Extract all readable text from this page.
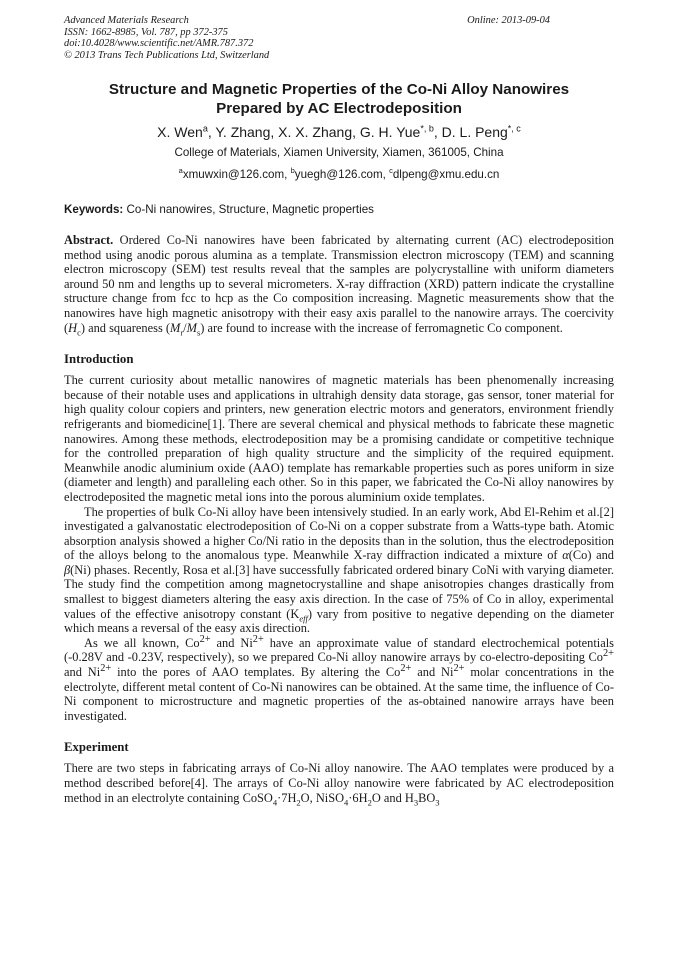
Advanced Materials Research
ISSN: 1662-8985, Vol. 787, pp 372-375
doi:10.4028/www.scientific.net/AMR.787.372
© 2013 Trans Tech Publications Ltd, Switzerland
Online: 2013-09-04
Structure and Magnetic Properties of the Co-Ni Alloy Nanowires Prepared by AC Electrodeposition
X. Wen$^a$, Y. Zhang, X. X. Zhang, G. H. Yue$^{*, b}$, D. L. Peng$^{*, c}$
College of Materials, Xiamen University, Xiamen, 361005, China
$^a$xmuwxin@126.com, $^b$yuegh@126.com, $^c$dlpeng@xmu.edu.cn
Keywords: Co-Ni nanowires, Structure, Magnetic properties

Abstract. Ordered Co-Ni nanowires have been fabricated by alternating current (AC) electrodeposition method using anodic porous alumina as a template. Transmission electron microscopy (TEM) and scanning electron microscopy (SEM) test results reveal that the samples are polycrystalline with uniform diameters around 50 nm and lengths up to several micrometers. X-ray diffraction (XRD) pattern indicate the crystalline structure change from fcc to hcp as the Co composition increasing. Magnetic measurements show that the nanowires have high magnetic anisotropy with their easy axis parallel to the nanowire arrays. The coercivity $(H_c)$ and squareness $(M_r/M_s)$ are found to increase with the increase of ferromagnetic Co component.

Introduction

The current curiosity about metallic nanowires of magnetic materials has been phenomenally increasing because of their notable uses and applications in ultrahigh density data storage, gas sensor, toner material for high quality colour copiers and printers, new generation electric motors and generators, environment friendly refrigerants and biomedicine[1]. There are several chemical and physical methods to fabricate these magnetic nanowires. Among these methods, electrodeposition may be a promising candidate or competitive technique for the controlled preparation of high quality structure and the simplicity of the required equipment. Meanwhile anodic aluminium oxide (AAO) template has remarkable properties such as pores uniform in size (diameter and length) and paralleling each other. So in this paper, we fabricated the Co-Ni alloy nanowires by electrodeposited the magnetic metal ions into the porous aluminium oxide templates.

The properties of bulk Co-Ni alloy have been intensively studied. In an early work, Abd El-Rehim et al.[2] investigated a galvanostatic electrodeposition of Co-Ni on a copper substrate from a Watts-type bath. Atomic absorption analysis showed a higher Co/Ni ratio in the deposits than in the solution, thus the electrodeposition of the alloys belong to the anomalous type. Meanwhile X-ray diffraction indicated a mixture of α(Co) and β(Ni) phases. Recently, Rosa et al.[3] have successfully fabricated ordered binary CoNi with varying diameter. The study find the competition among magnetocrystalline and shape anisotropies changes drastically from smallest to biggest diameters altering the easy axis direction. In the case of 75% of Co in alloy, experimental values of the effective anisotropy constant $(K_{eff})$ vary from positive to negative depending on the diameter which means a reversal of the easy axis direction.

As we all known, $Co^{2+}$ and $Ni^{2+}$ have an approximate value of standard electrochemical potentials (-0.28V and -0.23V, respectively), so we prepared Co-Ni alloy nanowire arrays by co-electro-depositing $Co^{2+}$ and $Ni^{2+}$ into the pores of AAO templates. By altering the $Co^{2+}$ and $Ni^{2+}$ molar concentrations in the electrolyte, different metal content of Co-Ni nanowires can be obtained. At the same time, the influence of Co-Ni component to microstructure and magnetic properties of the as-obtained nanowire arrays have been investigated.

Experiment

There are two steps in fabricating arrays of Co-Ni alloy nanowire. The AAO templates were produced by a method described before[4]. The arrays of Co-Ni alloy nanowire were fabricated by AC electrodeposition method in an electrolyte containing $CoSO_4\cdot 7H_2O$, $NiSO_4\cdot 6H_2O$ and $H_3BO_3$
